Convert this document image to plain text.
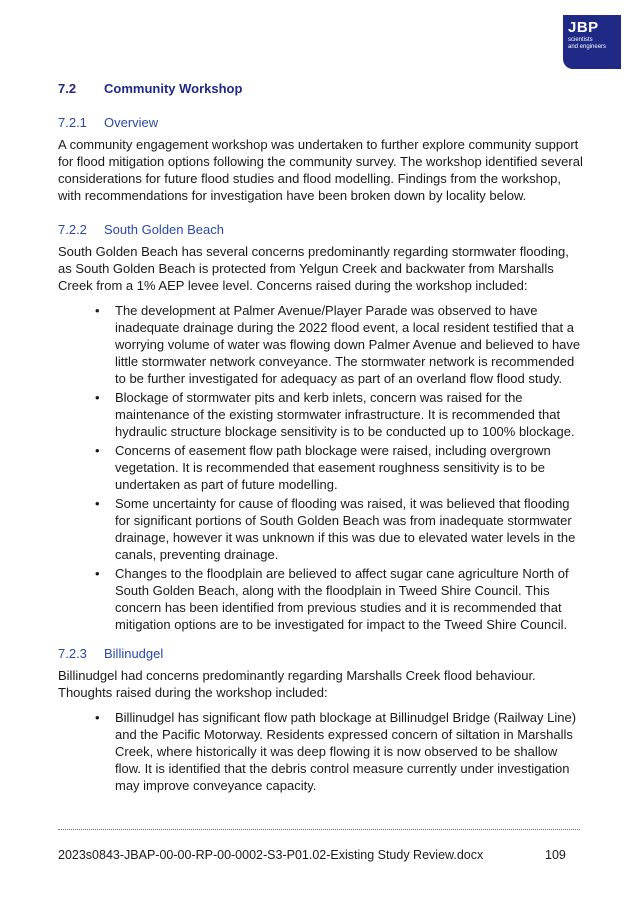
JBP
scientists
and engineers
7.2 Community Workshop
7.2.1 Overview

A community engagement workshop was undertaken to further explore community support for flood mitigation options following the community survey. The workshop identified several considerations for future flood studies and flood modelling. Findings from the workshop, with recommendations for investigation have been broken down by locality below.

7.2.2 South Golden Beach

South Golden Beach has several concerns predominantly regarding stormwater flooding, as South Golden Beach is protected from Yelgun Creek and backwater from Marshalls Creek from a 1% AEP levee level. Concerns raised during the workshop included:

• The development at Palmer Avenue/Player Parade was observed to have inadequate drainage during the 2022 flood event, a local resident testified that a worrying volume of water was flowing down Palmer Avenue and believed to have little stormwater network conveyance. The stormwater network is recommended to be further investigated for adequacy as part of an overland flow flood study.
• Blockage of stormwater pits and kerb inlets, concern was raised for the maintenance of the existing stormwater infrastructure. It is recommended that hydraulic structure blockage sensitivity is to be conducted up to 100% blockage.
• Concerns of easement flow path blockage were raised, including overgrown vegetation. It is recommended that easement roughness sensitivity is to be undertaken as part of future modelling.
• Some uncertainty for cause of flooding was raised, it was believed that flooding for significant portions of South Golden Beach was from inadequate stormwater drainage, however it was unknown if this was due to elevated water levels in the canals, preventing drainage.
• Changes to the floodplain are believed to affect sugar cane agriculture North of South Golden Beach, along with the floodplain in Tweed Shire Council. This concern has been identified from previous studies and it is recommended that mitigation options are to be investigated for impact to the Tweed Shire Council.
7.2.3 Billinudgel

Billinudgel had concerns predominantly regarding Marshalls Creek flood behaviour. Thoughts raised during the workshop included:

• Billinudgel has significant flow path blockage at Billinudgel Bridge (Railway Line) and the Pacific Motorway. Residents expressed concern of siltation in Marshalls Creek, where historically it was deep flowing it is now observed to be shallow flow. It is identified that the debris control measure currently under investigation may improve conveyance capacity.
2023s0843-JBAP-00-00-RP-00-0002-S3-P01.02-Existing Study Review.docx	109
